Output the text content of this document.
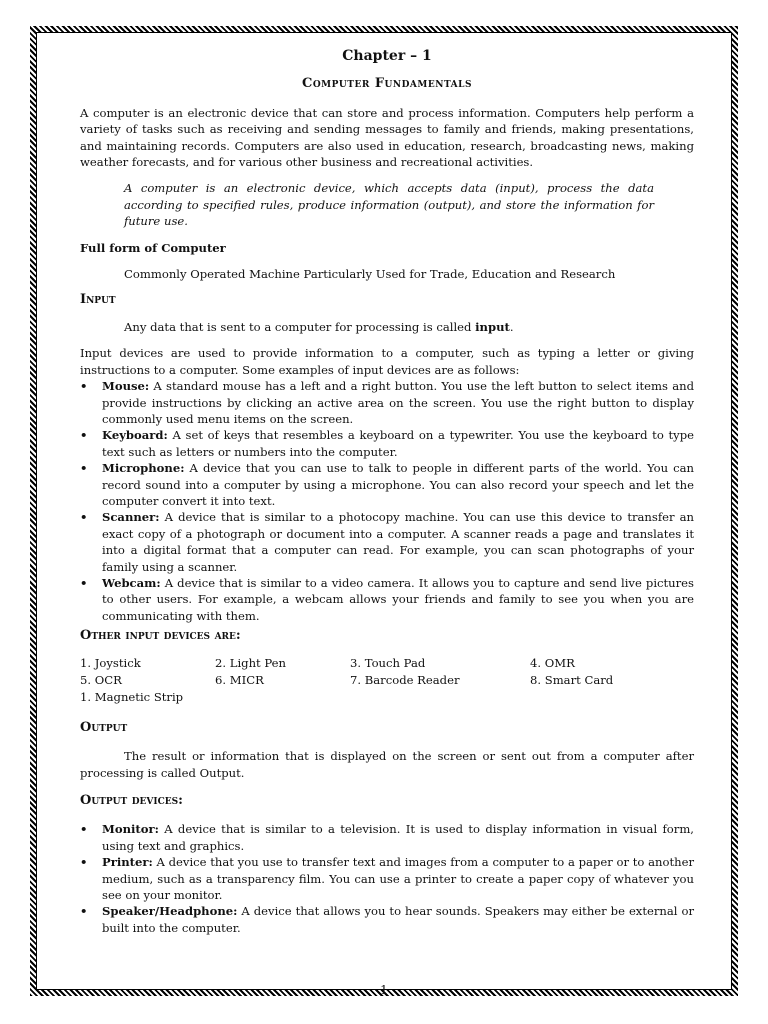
Chapter – 1

Computer Fundamentals

A computer is an electronic device that can store and process information. Computers help perform a variety of tasks such as receiving and sending messages to family and friends, making presentations, and maintaining records. Computers are also used in education, research, broadcasting news, making weather forecasts, and for various other business and recreational activities.

A computer is an electronic device, which accepts data (input), process the data according to specified rules, produce information (output), and store the information for future use.

Full form of Computer

Commonly Operated Machine Particularly Used for Trade, Education and Research

Input

Any data that is sent to a computer for processing is called input.

Input devices are used to provide information to a computer, such as typing a letter or giving instructions to a computer. Some examples of input devices are as follows:

• Mouse: A standard mouse has a left and a right button. You use the left button to select items and provide instructions by clicking an active area on the screen. You use the right button to display commonly used menu items on the screen.
• Keyboard: A set of keys that resembles a keyboard on a typewriter. You use the keyboard to type text such as letters or numbers into the computer.
• Microphone: A device that you can use to talk to people in different parts of the world. You can record sound into a computer by using a microphone. You can also record your speech and let the computer convert it into text.
• Scanner: A device that is similar to a photocopy machine. You can use this device to transfer an exact copy of a photograph or document into a computer. A scanner reads a page and translates it into a digital format that a computer can read. For example, you can scan photographs of your family using a scanner.
• Webcam: A device that is similar to a video camera. It allows you to capture and send live pictures to other users. For example, a webcam allows your friends and family to see you when you are communicating with them.

Other input devices are:

1. Joystick	2. Light Pen	3. Touch Pad	4. OMR
5. OCR	6. MICR	7. Barcode Reader	8. Smart Card
1. Magnetic Strip

Output

The result or information that is displayed on the screen or sent out from a computer after processing is called Output.

Output devices:

• Monitor: A device that is similar to a television. It is used to display information in visual form, using text and graphics.
• Printer: A device that you use to transfer text and images from a computer to a paper or to another medium, such as a transparency film. You can use a printer to create a paper copy of whatever you see on your monitor.
• Speaker/Headphone: A device that allows you to hear sounds. Speakers may either be external or built into the computer.
1
